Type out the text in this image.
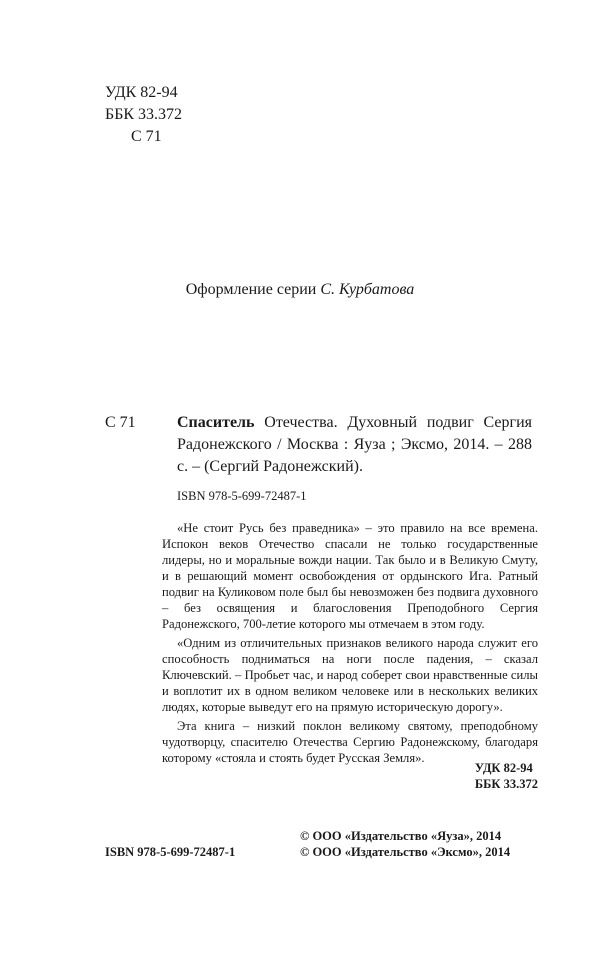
УДК 82-94
ББК 33.372
С 71
Оформление серии С. Курбатова
С 71	Спаситель Отечества. Духовный подвиг Сергия Радонежского / Москва : Яуза ; Эксмо, 2014. – 288 с. – (Сергий Радонежский).
ISBN 978-5-699-72487-1

«Не стоит Русь без праведника» – это правило на все времена. Испокон веков Отечество спасали не только государственные лидеры, но и моральные вожди нации. Так было и в Великую Смуту, и в решающий момент освобождения от ордынского Ига. Ратный подвиг на Куликовом поле был бы невозможен без подвига духовного – без освящения и благословения Преподобного Сергия Радонежского, 700-летие которого мы отмечаем в этом году.

«Одним из отличительных признаков великого народа служит его способность подниматься на ноги после падения, – сказал Ключевский. – Пробьет час, и народ соберет свои нравственные силы и воплотит их в одном великом человеке или в нескольких великих людях, которые выведут его на прямую историческую дорогу».

Эта книга – низкий поклон великому святому, преподобному чудотворцу, спасителю Отечества Сергию Радонежскому, благодаря которому «стояла и стоять будет Русская Земля».

УДК 82-94
ББК 33.372
ISBN 978-5-699-72487-1
© ООО «Издательство «Яуза», 2014
© ООО «Издательство «Эксмо», 2014
